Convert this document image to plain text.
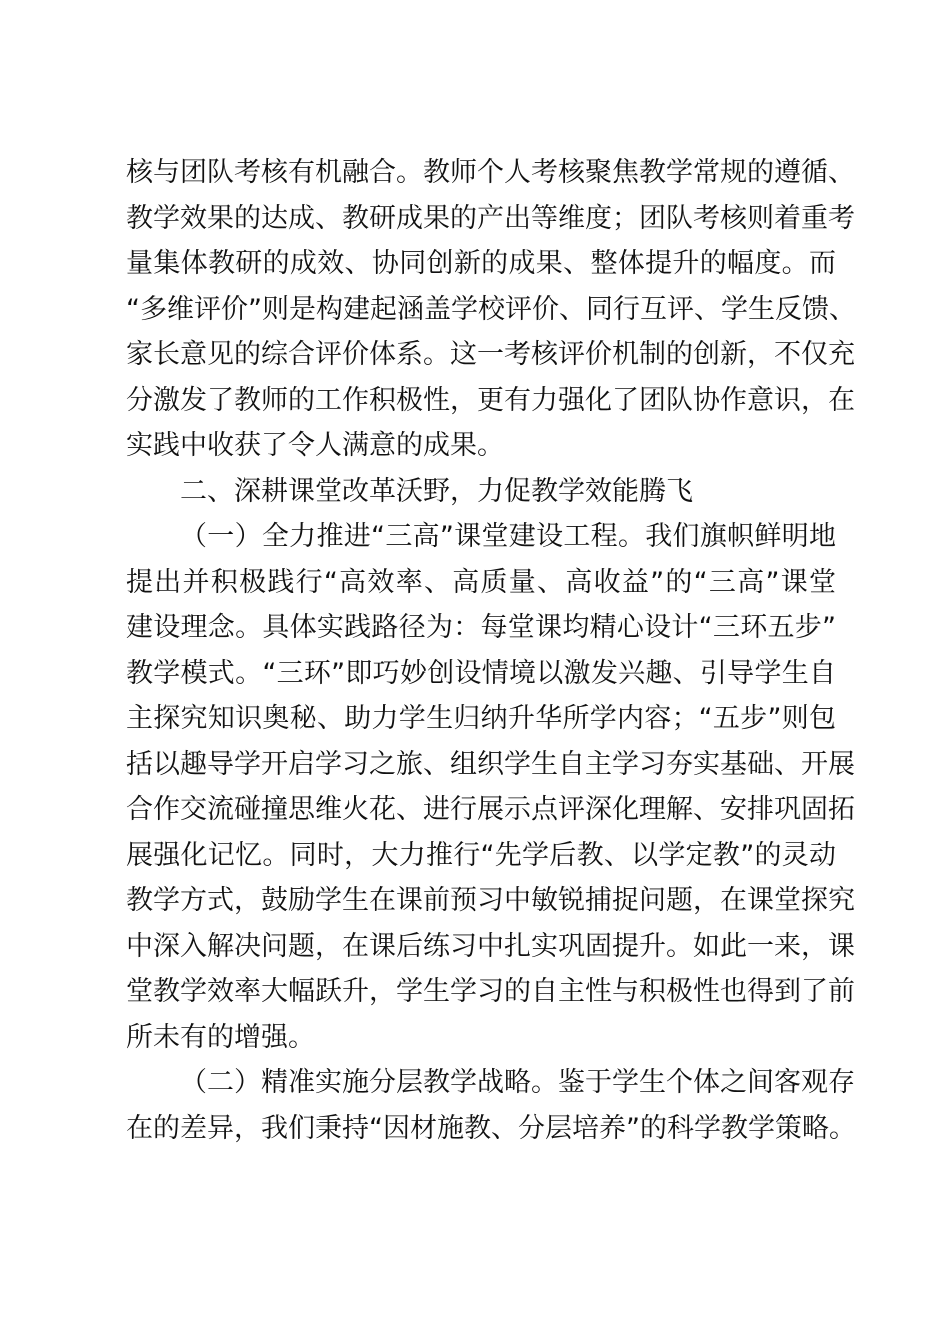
核与团队考核有机融合。教师个人考核聚焦教学常规的遵循、
教学效果的达成、教研成果的产出等维度；团队考核则着重考
量集体教研的成效、协同创新的成果、整体提升的幅度。而
“多维评价”则是构建起涵盖学校评价、同行互评、学生反馈、
家长意见的综合评价体系。这一考核评价机制的创新，不仅充
分激发了教师的工作积极性，更有力强化了团队协作意识，在
实践中收获了令人满意的成果。
二、深耕课堂改革沃野，力促教学效能腾飞
（一）全力推进“三高”课堂建设工程。我们旗帜鲜明地
提出并积极践行“高效率、高质量、高收益”的“三高”课堂
建设理念。具体实践路径为：每堂课均精心设计“三环五步”
教学模式。“三环”即巧妙创设情境以激发兴趣、引导学生自
主探究知识奥秘、助力学生归纳升华所学内容；“五步”则包
括以趣导学开启学习之旅、组织学生自主学习夯实基础、开展
合作交流碰撞思维火花、进行展示点评深化理解、安排巩固拓
展强化记忆。同时，大力推行“先学后教、以学定教”的灵动
教学方式，鼓励学生在课前预习中敏锐捕捉问题，在课堂探究
中深入解决问题，在课后练习中扎实巩固提升。如此一来，课
堂教学效率大幅跃升，学生学习的自主性与积极性也得到了前
所未有的增强。
（二）精准实施分层教学战略。鉴于学生个体之间客观存
在的差异，我们秉持“因材施教、分层培养”的科学教学策略。
